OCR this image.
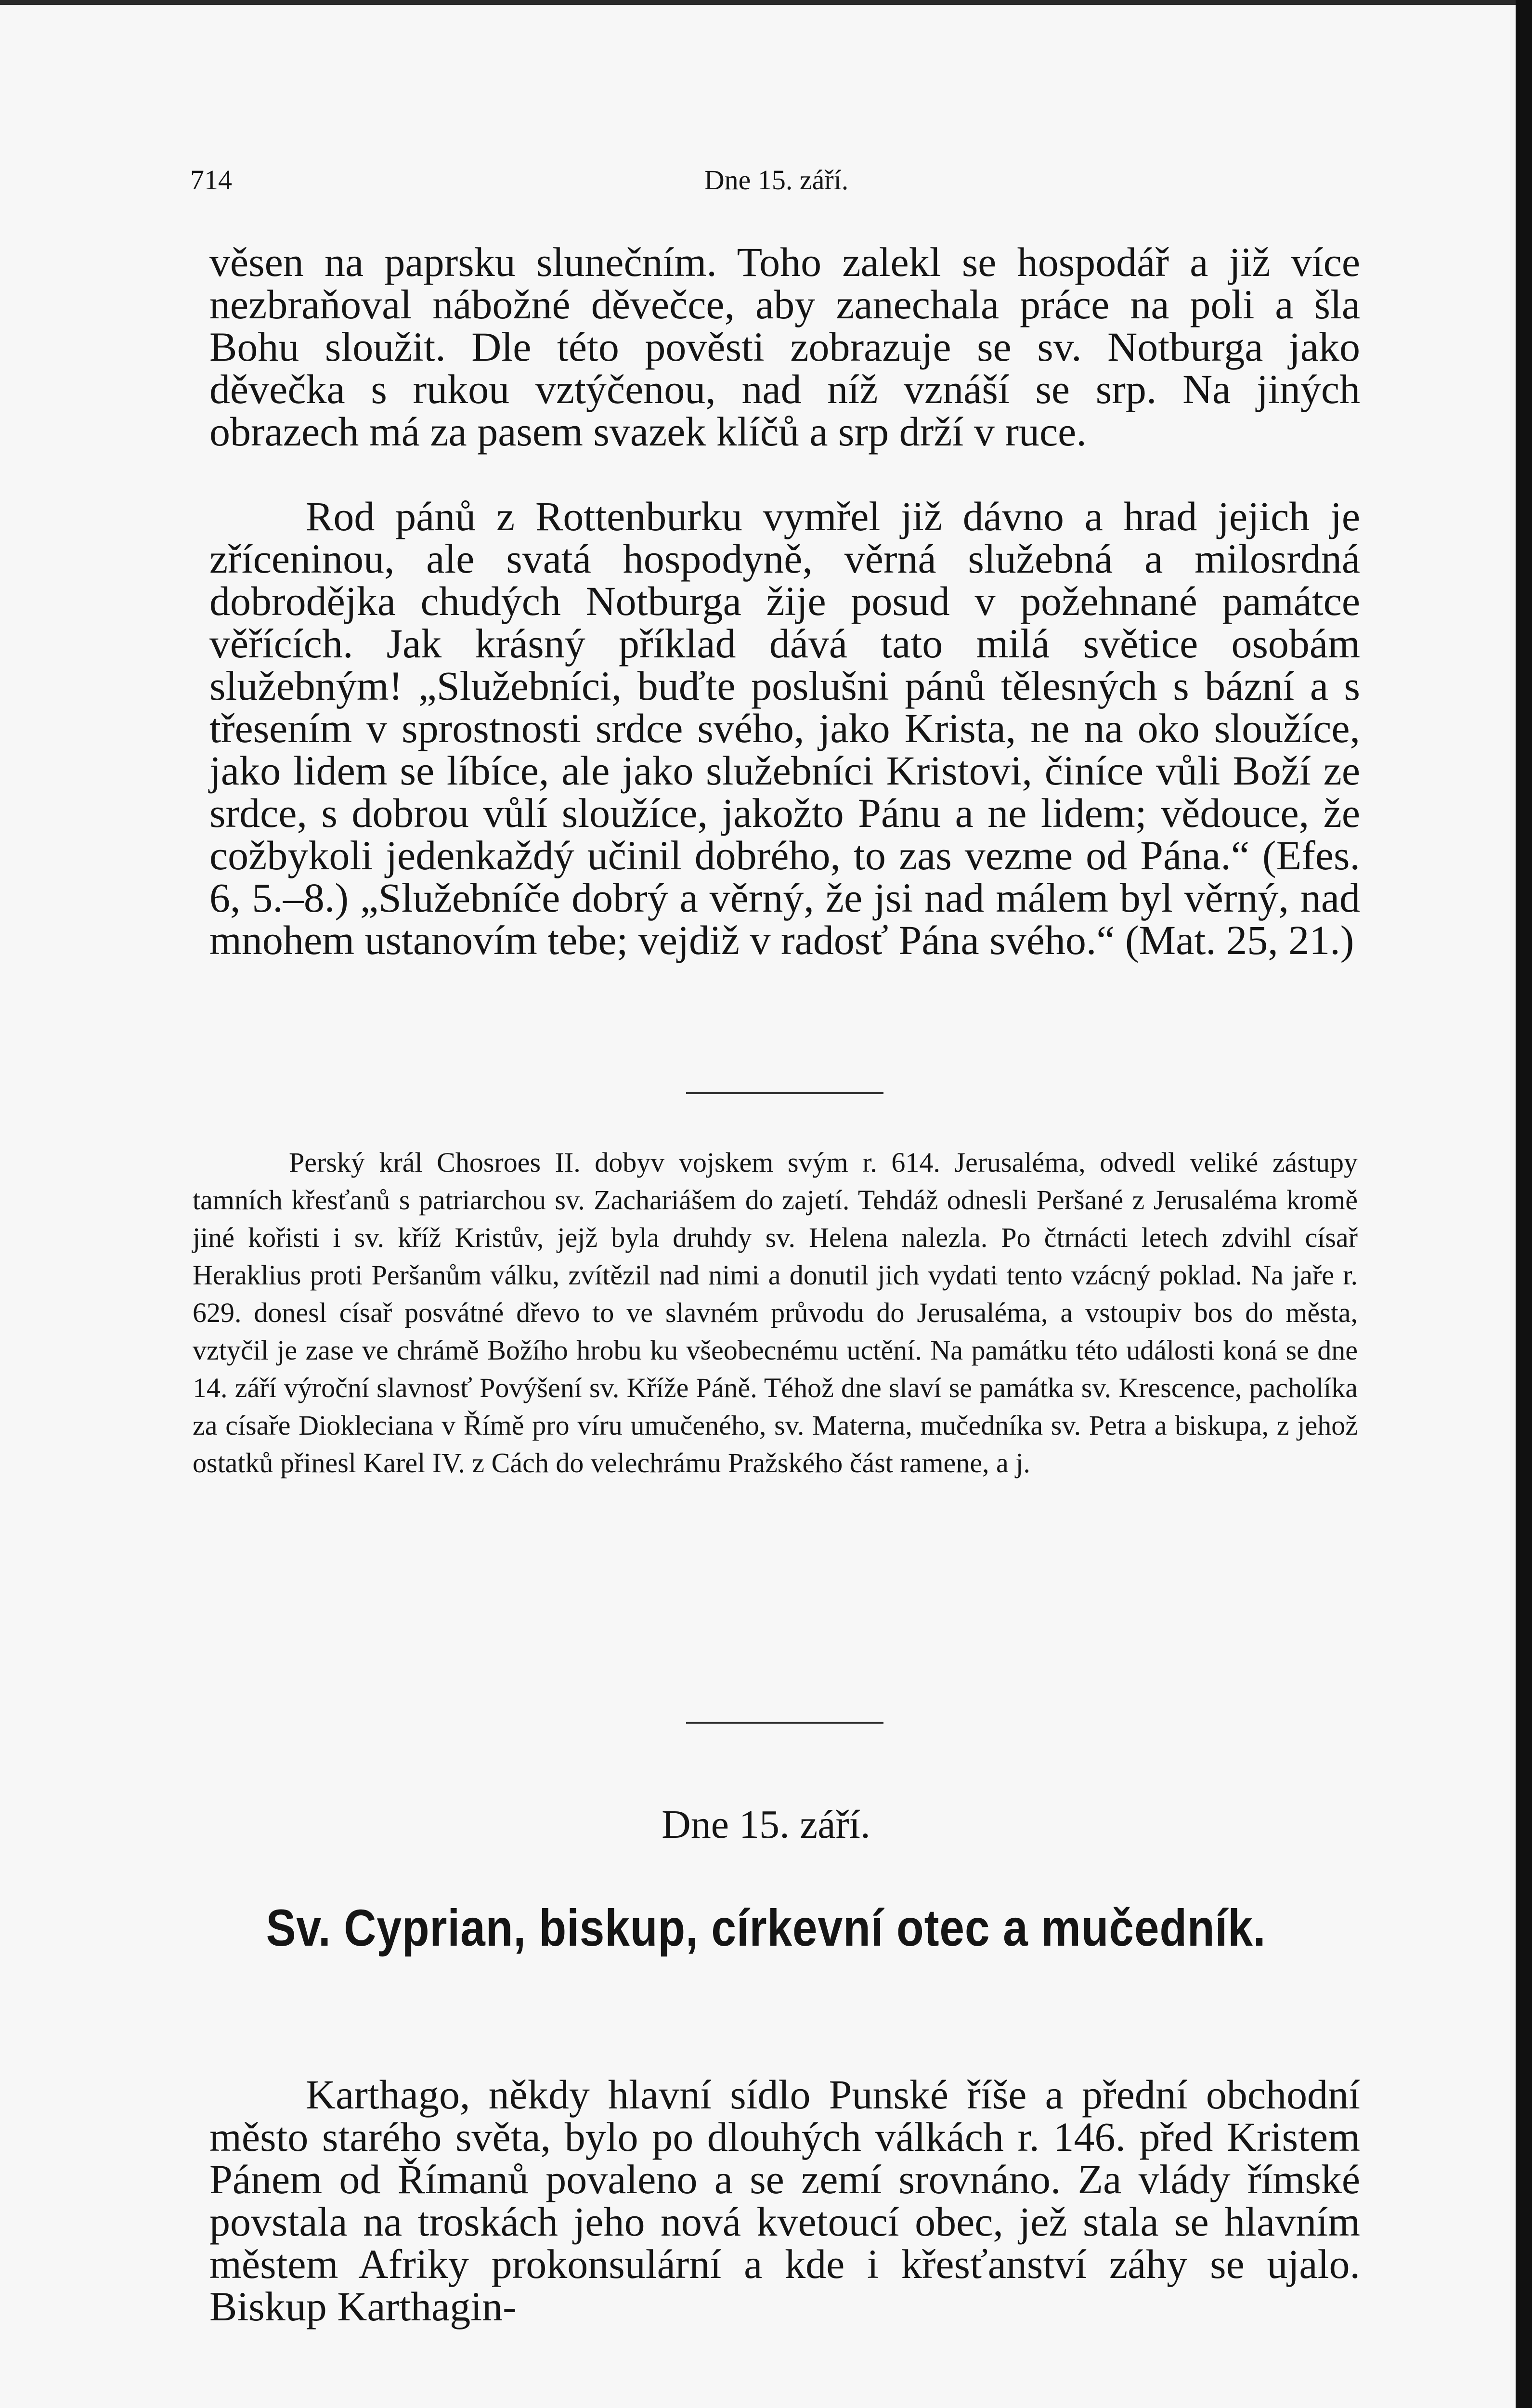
714	Dne 15. září.

věsen na paprsku slunečním. Toho zalekl se hospodář a již více nezbraňoval nábožné děvečce, aby zanechala práce na poli a šla Bohu sloužit. Dle této pověsti zobrazuje se sv. Notburga jako děvečka s rukou vztýčenou, nad níž vznáší se srp. Na jiných obrazech má za pasem svazek klíčů a srp drží v ruce.

Rod pánů z Rottenburku vymřel již dávno a hrad jejich je zříceninou, ale svatá hospodyně, věrná služebná a milosrdná dobrodějka chudých Notburga žije posud v požehnané památce věřících. Jak krásný příklad dává tato milá světice osobám služebným! „Služebníci, buďte poslušni pánů tělesných s bázní a s třesením v sprostnosti srdce svého, jako Krista, ne na oko sloužíce, jako lidem se líbíce, ale jako služebníci Kristovi, činíce vůli Boží ze srdce, s dobrou vůlí sloužíce, jakožto Pánu a ne lidem; vědouce, že cožbykoli jedenkaždý učinil dobrého, to zas vezme od Pána.“ (Efes. 6, 5.–8.) „Služebníče dobrý a věrný, že jsi nad málem byl věrný, nad mnohem ustanovím tebe; vejdiž v radosť Pána svého.“ (Mat. 25, 21.)

Perský král Chosroes II. dobyv vojskem svým r. 614. Jerusaléma, odvedl veliké zástupy tamních křesťanů s patriarchou sv. Zachariášem do zajetí. Tehdáž odnesli Peršané z Jerusaléma kromě jiné kořisti i sv. kříž Kristův, jejž byla druhdy sv. Helena nalezla. Po čtrnácti letech zdvihl císař Heraklius proti Peršanům válku, zvítězil nad nimi a donutil jich vydati tento vzácný poklad. Na jaře r. 629. donesl císař posvátné dřevo to ve slavném průvodu do Jerusaléma, a vstoupiv bos do města, vztyčil je zase ve chrámě Božího hrobu ku všeobecnému uctění. Na památku této události koná se dne 14. září výroční slavnosť Povýšení sv. Kříže Páně. Téhož dne slaví se památka sv. Krescence, pacholíka za císaře Diokleciana v Římě pro víru umučeného, sv. Materna, mučedníka sv. Petra a biskupa, z jehož ostatků přinesl Karel IV. z Cách do velechrámu Pražského část ramene, a j.

Dne 15. září.
Sv. Cyprian, biskup, církevní otec a mučedník.

Karthago, někdy hlavní sídlo Punské říše a přední obchodní město starého světa, bylo po dlouhých válkách r. 146. před Kristem Pánem od Římanů povaleno a se zemí srovnáno. Za vlády římské povstala na troskách jeho nová kvetoucí obec, jež stala se hlavním městem Afriky prokonsulární a kde i křesťanství záhy se ujalo. Biskup Karthagin-
